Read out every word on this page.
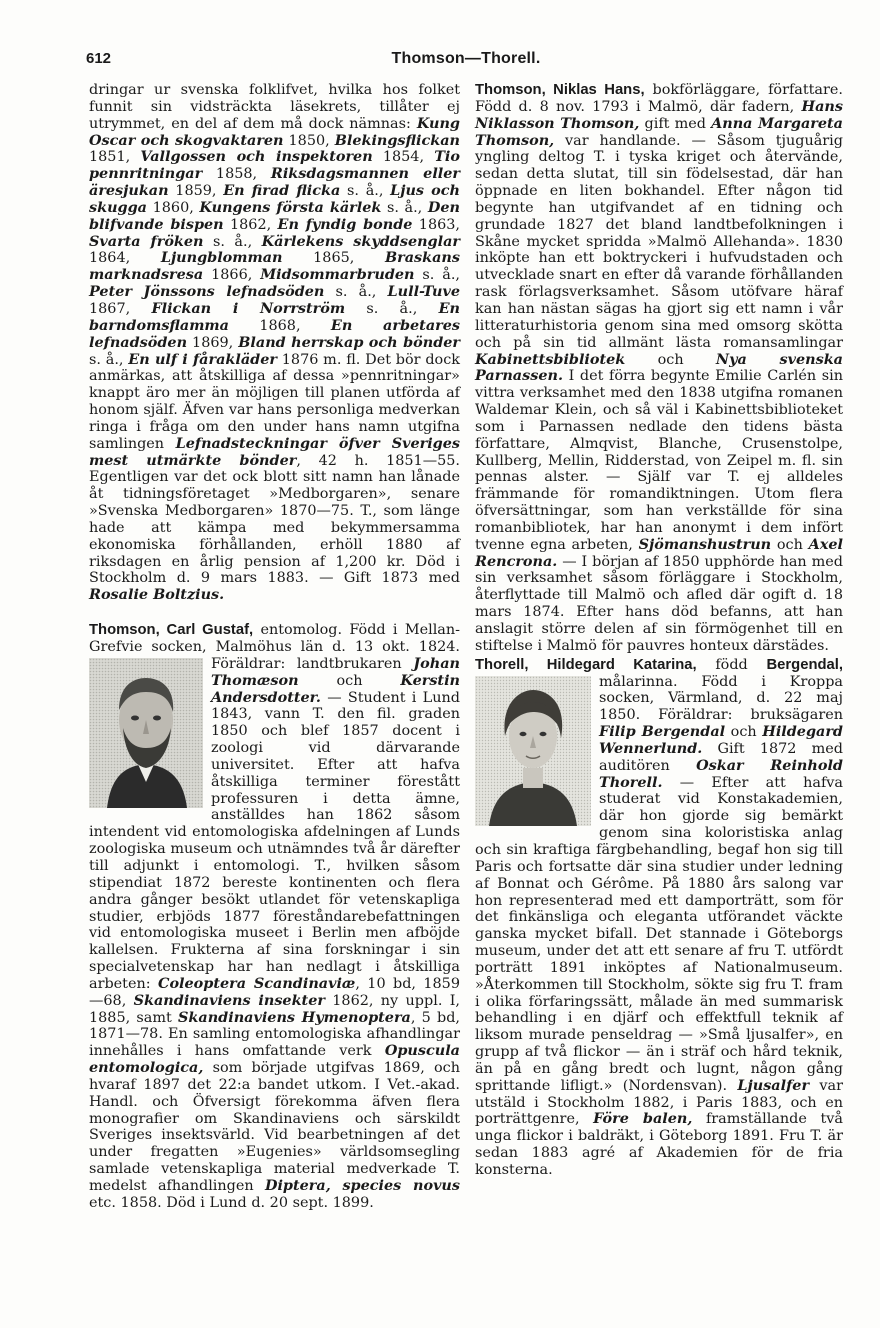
612	Thomson—Thorell.

dringar ur svenska folklifvet, hvilka hos folket funnit sin vidsträckta läsekrets, tillåter ej utrymmet, en del af dem må dock nämnas: Kung Oscar och skogvaktaren 1850, Blekingsflickan 1851, Vallgossen och inspektoren 1854, Tio pennritningar 1858, Riksdagsmannen eller äresjukan 1859, En firad flicka s. å., Ljus och skugga 1860, Kungens första kärlek s. å., Den blifvande bispen 1862, En fyndig bonde 1863, Svarta fröken s. å., Kärlekens skyddsenglar 1864, Ljungblomman 1865, Braskans marknadsresa 1866, Midsommarbruden s. å., Peter Jönssons lefnadsöden s. å., Lull-Tuve 1867, Flickan i Norrström s. å., En barndomsflamma 1868, En arbetares lefnadsöden 1869, Bland herrskap och bönder s. å., En ulf i fårakläder 1876 m. fl. Det bör dock anmärkas, att åtskilliga af dessa »pennritningar» knappt äro mer än möjligen till planen utförda af honom själf. Äfven var hans personliga medverkan ringa i fråga om den under hans namn utgifna samlingen Lefnadsteckningar öfver Sveriges mest utmärkte bönder, 42 h. 1851—55. Egentligen var det ock blott sitt namn han lånade åt tidningsföretaget »Medborgaren», senare »Svenska Medborgaren» 1870—75. T., som länge hade att kämpa med bekymmersamma ekonomiska förhållanden, erhöll 1880 af riksdagen en årlig pension af 1,200 kr. Död i Stockholm d. 9 mars 1883. — Gift 1873 med Rosalie Boltzius.

Thomson, Carl Gustaf, entomolog. Född i Mellan-Grefvie socken, Malmöhus län d. 13 okt. 1824. Föräldrar: landtbrukaren
Johan Thomæson och Kerstin Andersdotter. — Student i Lund 1843, vann T. den fil. graden 1850 och blef 1857 docent i zoologi vid därvarande universitet. Efter att hafva åtskilliga terminer förestått professuren i detta ämne, anställdes han 1862 såsom intendent vid entomologiska afdelningen af Lunds zoologiska museum och utnämndes två år därefter till adjunkt i entomologi. T., hvilken såsom stipendiat 1872 bereste kontinenten och flera andra gånger besökt utlandet för vetenskapliga studier, erbjöds 1877 föreståndarebefattningen vid entomologiska museet i Berlin men afböjde kallelsen. Frukterna af sina forskningar i sin specialvetenskap har han nedlagt i åtskilliga arbeten: Coleoptera Scandinaviæ, 10 bd, 1859—68, Skandinaviens insekter 1862, ny uppl. I, 1885, samt Skandinaviens Hymenoptera, 5 bd, 1871—78. En samling entomologiska afhandlingar innehålles i hans omfattande verk Opuscula entomologica, som började utgifvas 1869, och hvaraf 1897 det 22:a bandet utkom. I Vet.-akad. Handl. och Öfversigt förekomma äfven flera monografier om Skandinaviens och särskildt Sveriges insektsvärld. Vid bearbetningen af det under fregatten »Eugenies» världsomsegling samlade vetenskapliga material medverkade T. medelst afhandlingen Diptera, species novus etc. 1858. Död i Lund d. 20 sept. 1899.

Thomson, Niklas Hans, bokförläggare, författare. Född d. 8 nov. 1793 i Malmö, där fadern, Hans Niklasson Thomson, gift med Anna Margareta Thomson, var handlande. — Såsom tjuguårig yngling deltog T. i tyska kriget och återvände, sedan detta slutat, till sin födelsestad, där han öppnade en liten bokhandel. Efter någon tid begynte han utgifvandet af en tidning och grundade 1827 det bland landtbefolkningen i Skåne mycket spridda »Malmö Allehanda». 1830 inköpte han ett boktryckeri i hufvudstaden och utvecklade snart en efter då varande förhållanden rask förlagsverksamhet. Såsom utöfvare häraf kan han nästan sägas ha gjort sig ett namn i vår litteraturhistoria genom sina med omsorg skötta och på sin tid allmänt lästa romansamlingar Kabinettsbibliotek och Nya svenska Parnassen. I det förra begynte Emilie Carlén sin vittra verksamhet med den 1838 utgifna romanen Waldemar Klein, och så väl i Kabinettsbiblioteket som i Parnassen nedlade den tidens bästa författare, Almqvist, Blanche, Crusenstolpe, Kullberg, Mellin, Ridderstad, von Zeipel m. fl. sin pennas alster. — Själf var T. ej alldeles främmande för romandiktningen. Utom flera öfversättningar, som han verkställde för sina romanbibliotek, har han anonymt i dem infört tvenne egna arbeten, Sjömanshustrun och Axel Rencrona. — I början af 1850 upphörde han med sin verksamhet såsom förläggare i Stockholm, återflyttade till Malmö och afled där ogift d. 18 mars 1874. Efter hans död befanns, att han anslagit större delen af sin förmögenhet till en stiftelse i Malmö för pauvres honteux därstädes.

Thorell, Hildegard Katarina, född Bergendal,
målarinna. Född i Kroppa socken, Värmland, d. 22 maj 1850. Föräldrar: bruksägaren Filip Bergendal och Hildegard Wennerlund. Gift 1872 med auditören Oskar Reinhold Thorell. — Efter att hafva studerat vid Konstakademien, där hon gjorde sig bemärkt genom sina koloristiska anlag och sin kraftiga färgbehandling, begaf hon sig till Paris och fortsatte där sina studier under ledning af Bonnat och Gérôme. På 1880 års salong var hon representerad med ett damporträtt, som för det finkänsliga och eleganta utförandet väckte ganska mycket bifall. Det stannade i Göteborgs museum, under det att ett senare af fru T. utfördt porträtt 1891 inköptes af Nationalmuseum. »Återkommen till Stockholm, sökte sig fru T. fram i olika förfaringssätt, målade än med summarisk behandling i en djärf och effektfull teknik af liksom murade penseldrag — »Små ljusalfer», en grupp af två flickor — än i sträf och hård teknik, än på en gång bredt och lugnt, någon gång sprittande lifligt.» (Nordensvan). Ljusalfer var utstäld i Stockholm 1882, i Paris 1883, och en porträttgenre, Före balen, framställande två unga flickor i baldräkt, i Göteborg 1891. Fru T. är sedan 1883 agré af Akademien för de fria konsterna.
